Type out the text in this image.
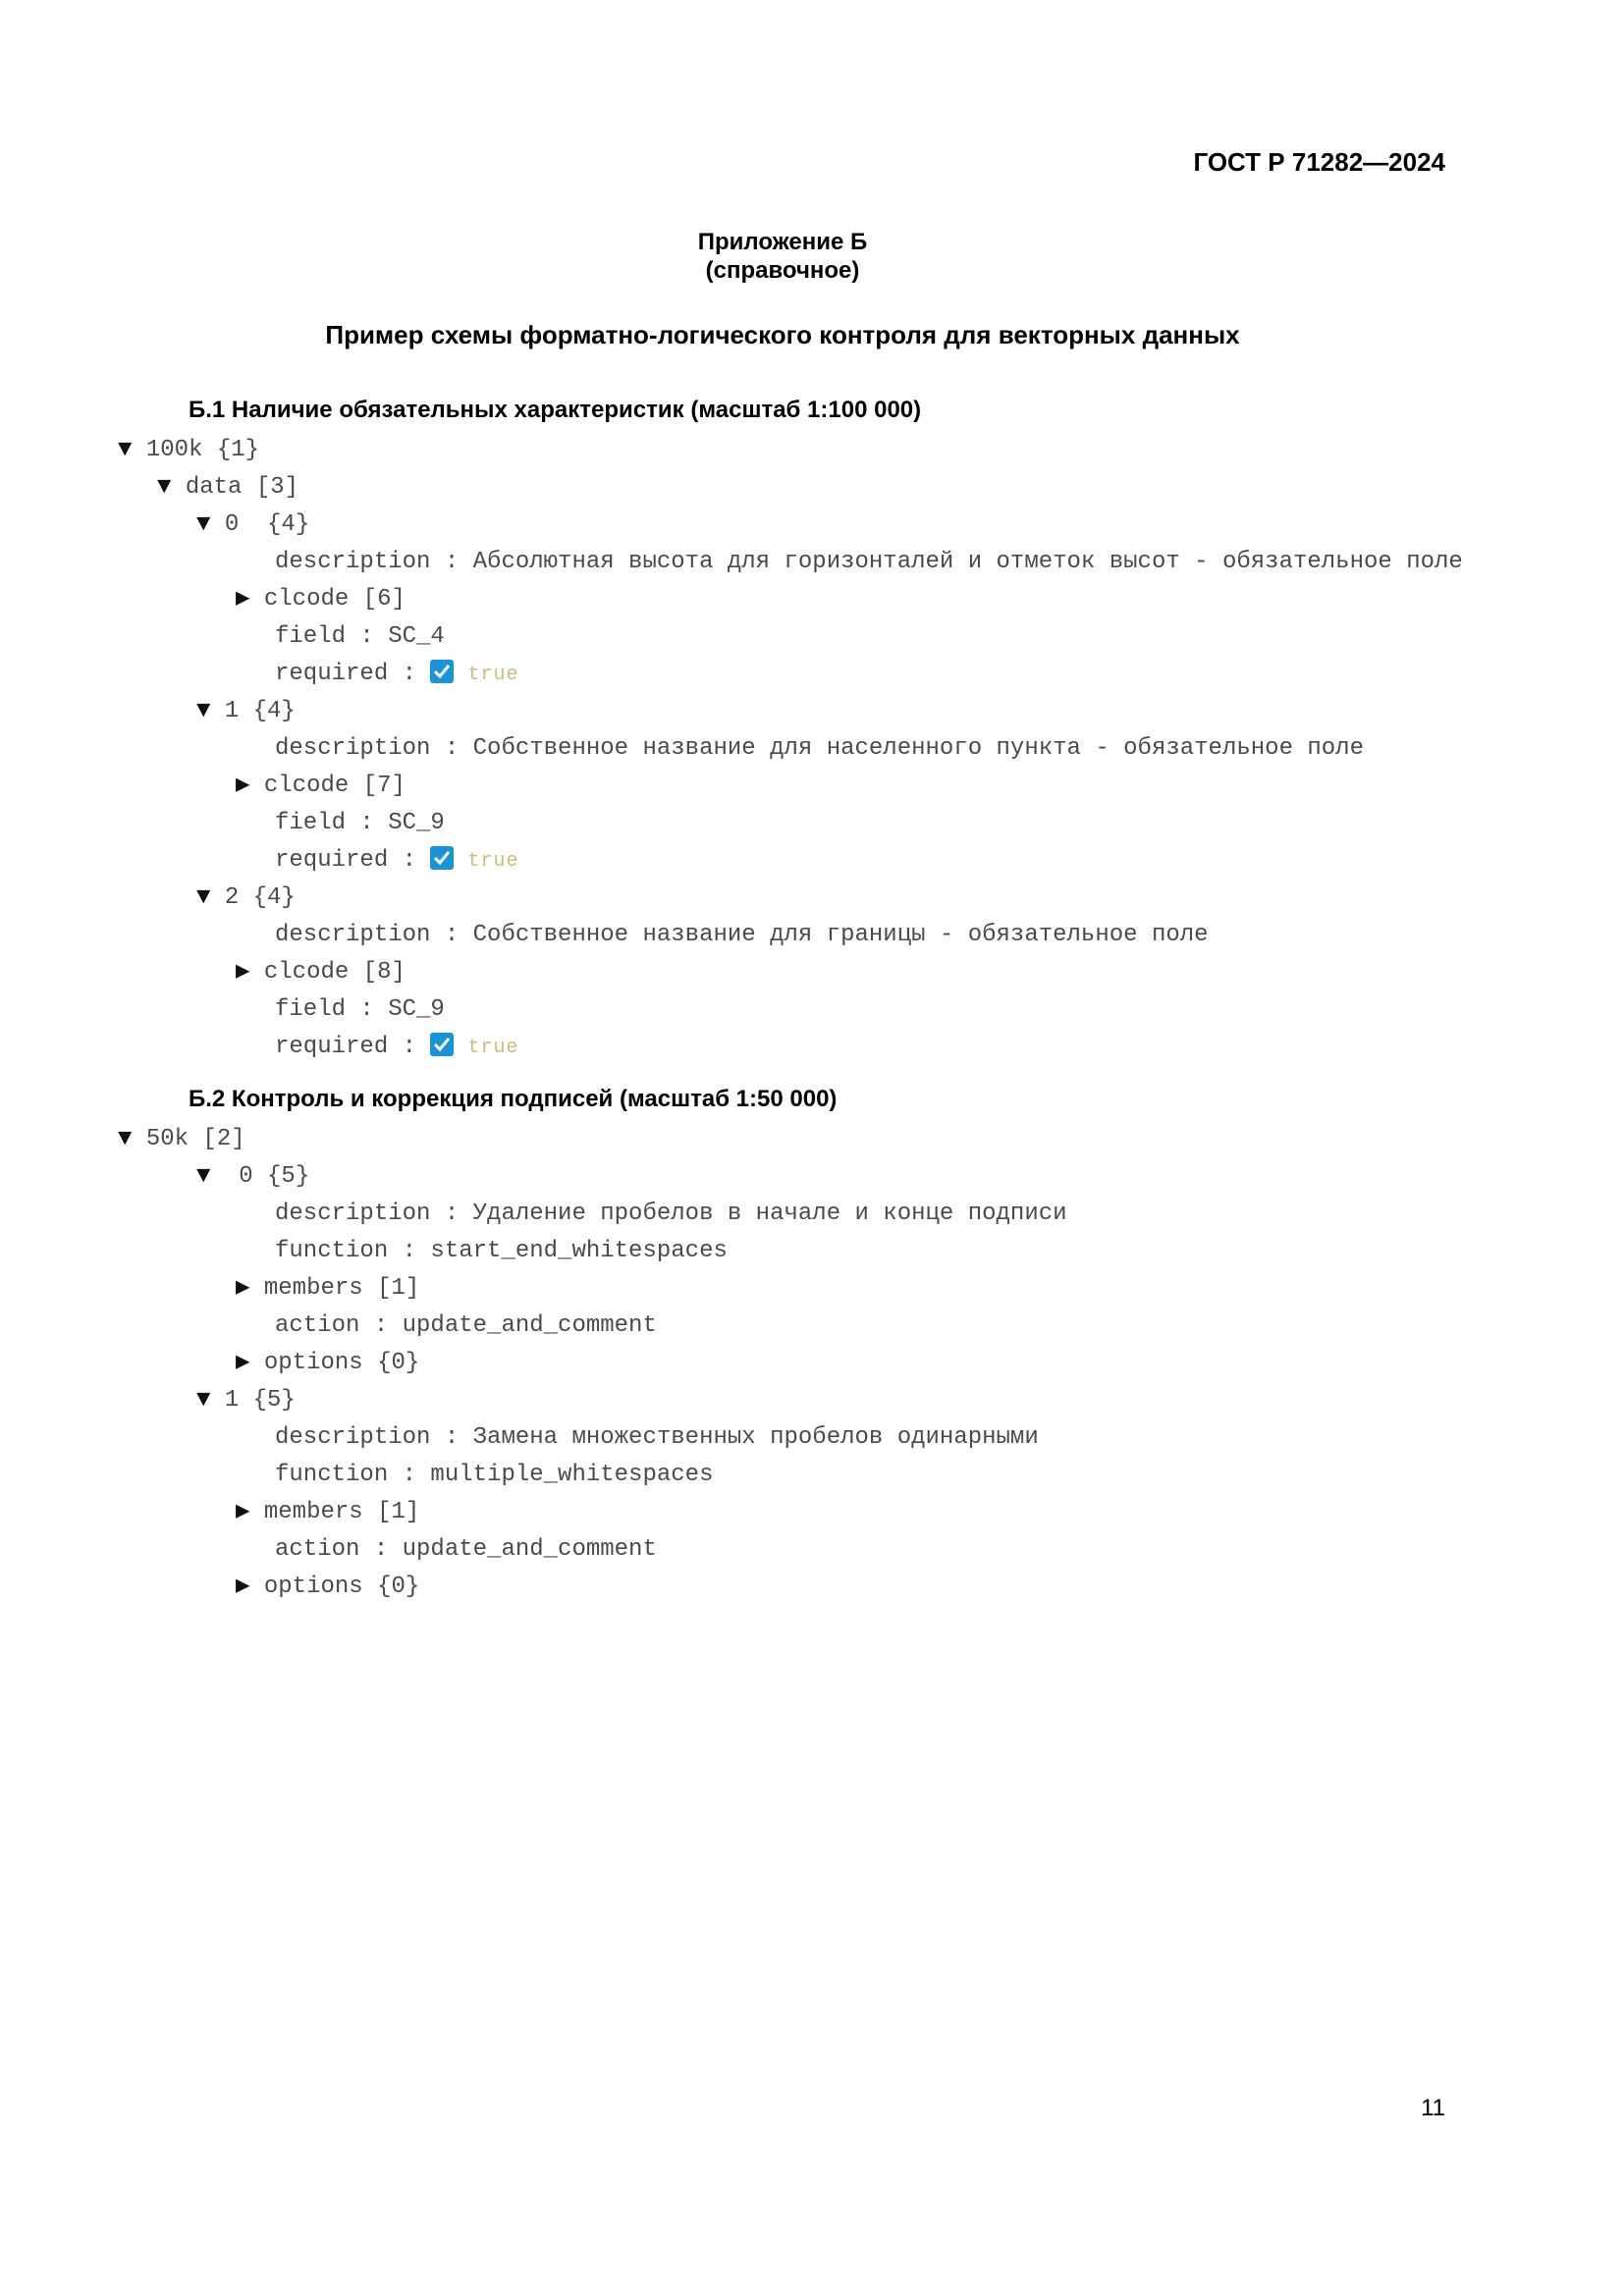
ГОСТ Р 71282—2024
Приложение Б
(справочное)
Пример схемы форматно-логического контроля для векторных данных
Б.1 Наличие обязательных характеристик (масштаб 1:100 000)
▼ 100k {1}
▼ data [3]
▼ 0  {4}
description : Абсолютная высота для горизонталей и отметок высот - обязательное поле
▶ clcode [6]
field : SC_4
required :
true
▼ 1 {4}
description : Собственное название для населенного пункта - обязательное поле
▶ clcode [7]
field : SC_9
required :
true
▼ 2 {4}
description : Собственное название для границы - обязательное поле
▶ clcode [8]
field : SC_9
required :
true
Б.2 Контроль и коррекция подписей (масштаб 1:50 000)
▼ 50k [2]
▼  0 {5}
description : Удаление пробелов в начале и конце подписи
function : start_end_whitespaces
▶ members [1]
action : update_and_comment
▶ options {0}
▼ 1 {5}
description : Замена множественных пробелов одинарными
function : multiple_whitespaces
▶ members [1]
action : update_and_comment
▶ options {0}
11
